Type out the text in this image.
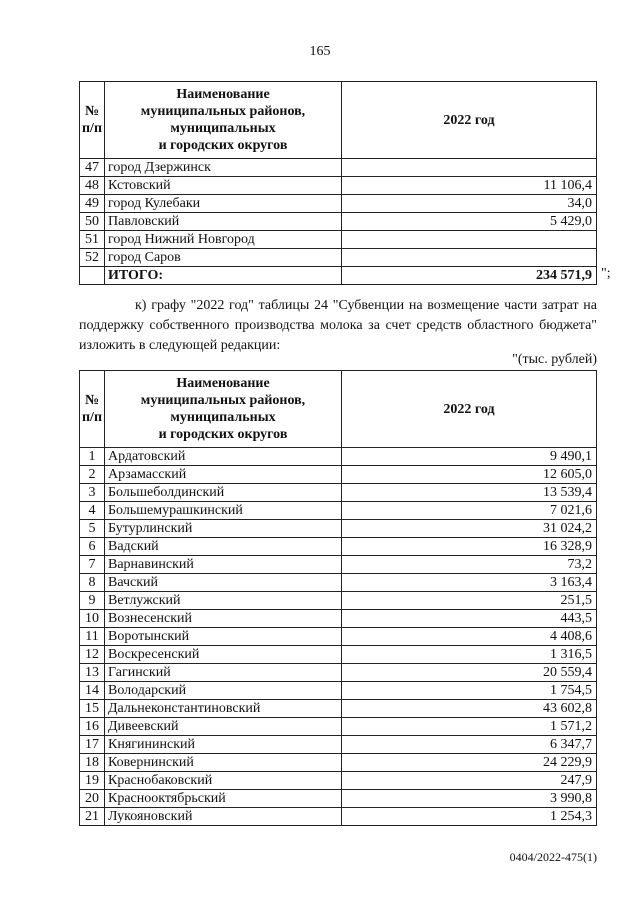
165
№
п/п	Наименование
муниципальных районов,
муниципальных
и городских округов	2022 год
47	город Дзержинск	
48	Кстовский	11 106,4
49	город Кулебаки	34,0
50	Павловский	5 429,0
51	город Нижний Новгород	
52	город Саров	
	ИТОГО:	234 571,9 ";
к) графу "2022 год" таблицы 24 "Субвенции на возмещение части затрат на поддержку собственного производства молока за счет средств областного бюджета" изложить в следующей редакции:
"(тыс. рублей)
№
п/п	Наименование
муниципальных районов,
муниципальных
и городских округов	2022 год
1	Ардатовский	9 490,1
2	Арзамасский	12 605,0
3	Большеболдинский	13 539,4
4	Большемурашкинский	7 021,6
5	Бутурлинский	31 024,2
6	Вадский	16 328,9
7	Варнавинский	73,2
8	Вачский	3 163,4
9	Ветлужский	251,5
10	Вознесенский	443,5
11	Воротынский	4 408,6
12	Воскресенский	1 316,5
13	Гагинский	20 559,4
14	Володарский	1 754,5
15	Дальнеконстантиновский	43 602,8
16	Дивеевский	1 571,2
17	Княгининский	6 347,7
18	Ковернинский	24 229,9
19	Краснобаковский	247,9
20	Краснооктябрьский	3 990,8
21	Лукояновский	1 254,3
0404/2022-475(1)
